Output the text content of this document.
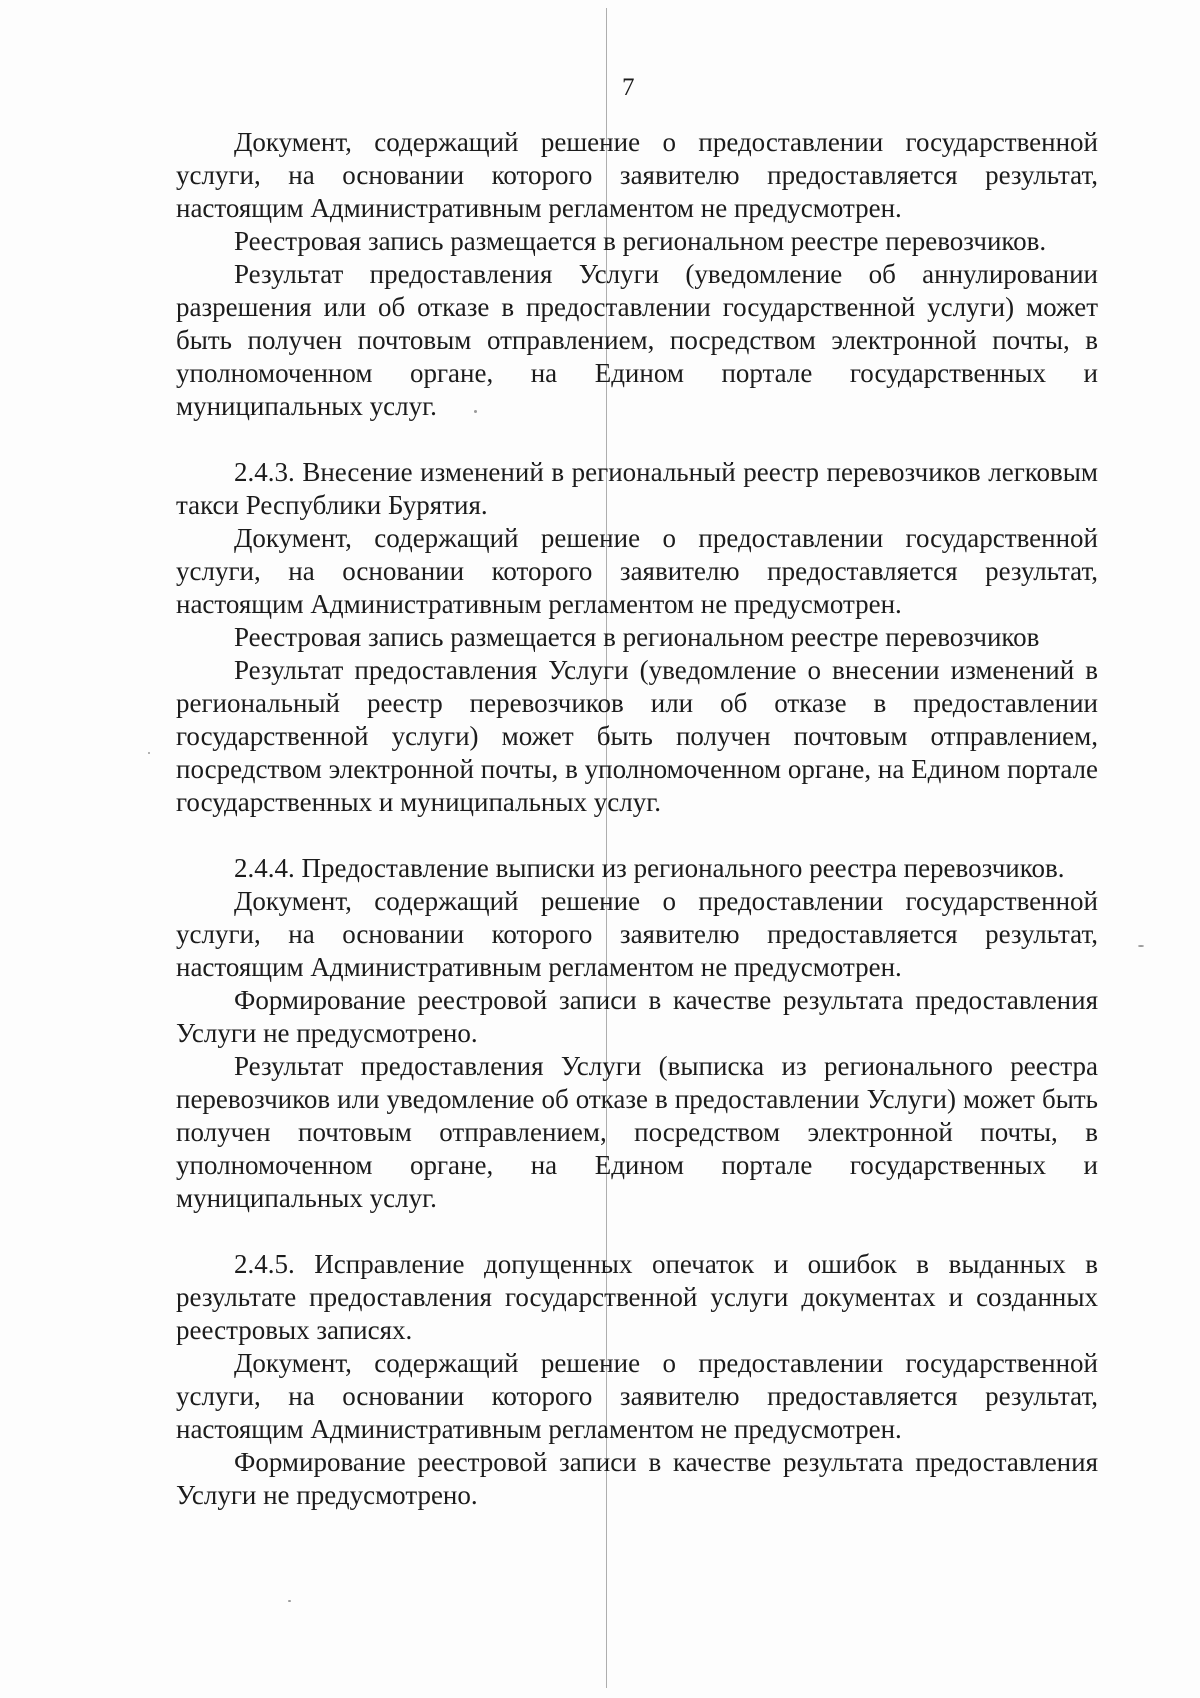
7

Документ, содержащий решение о предоставлении государственной услуги, на основании которого заявителю предоставляется результат, настоящим Административным регламентом не предусмотрен.

Реестровая запись размещается в региональном реестре перевозчиков.

Результат предоставления Услуги (уведомление об аннулировании разрешения или об отказе в предоставлении государственной услуги) может быть получен почтовым отправлением, посредством электронной почты, в уполномоченном органе, на Едином портале государственных и муниципальных услуг.

2.4.3. Внесение изменений в региональный реестр перевозчиков легковым такси Республики Бурятия.

Документ, содержащий решение о предоставлении государственной услуги, на основании которого заявителю предоставляется результат, настоящим Административным регламентом не предусмотрен.

Реестровая запись размещается в региональном реестре перевозчиков

Результат предоставления Услуги (уведомление о внесении изменений в региональный реестр перевозчиков или об отказе в предоставлении государственной услуги) может быть получен почтовым отправлением, посредством электронной почты, в уполномоченном органе, на Едином портале государственных и муниципальных услуг.

2.4.4. Предоставление выписки из регионального реестра перевозчиков.

Документ, содержащий решение о предоставлении государственной услуги, на основании которого заявителю предоставляется результат, настоящим Административным регламентом не предусмотрен.

Формирование реестровой записи в качестве результата предоставления Услуги не предусмотрено.

Результат предоставления Услуги (выписка из регионального реестра перевозчиков или уведомление об отказе в предоставлении Услуги) может быть получен почтовым отправлением, посредством электронной почты, в уполномоченном органе, на Едином портале государственных и муниципальных услуг.

2.4.5. Исправление допущенных опечаток и ошибок в выданных в результате предоставления государственной услуги документах и созданных реестровых записях.

Документ, содержащий решение о предоставлении государственной услуги, на основании которого заявителю предоставляется результат, настоящим Административным регламентом не предусмотрен.

Формирование реестровой записи в качестве результата предоставления Услуги не предусмотрено.
